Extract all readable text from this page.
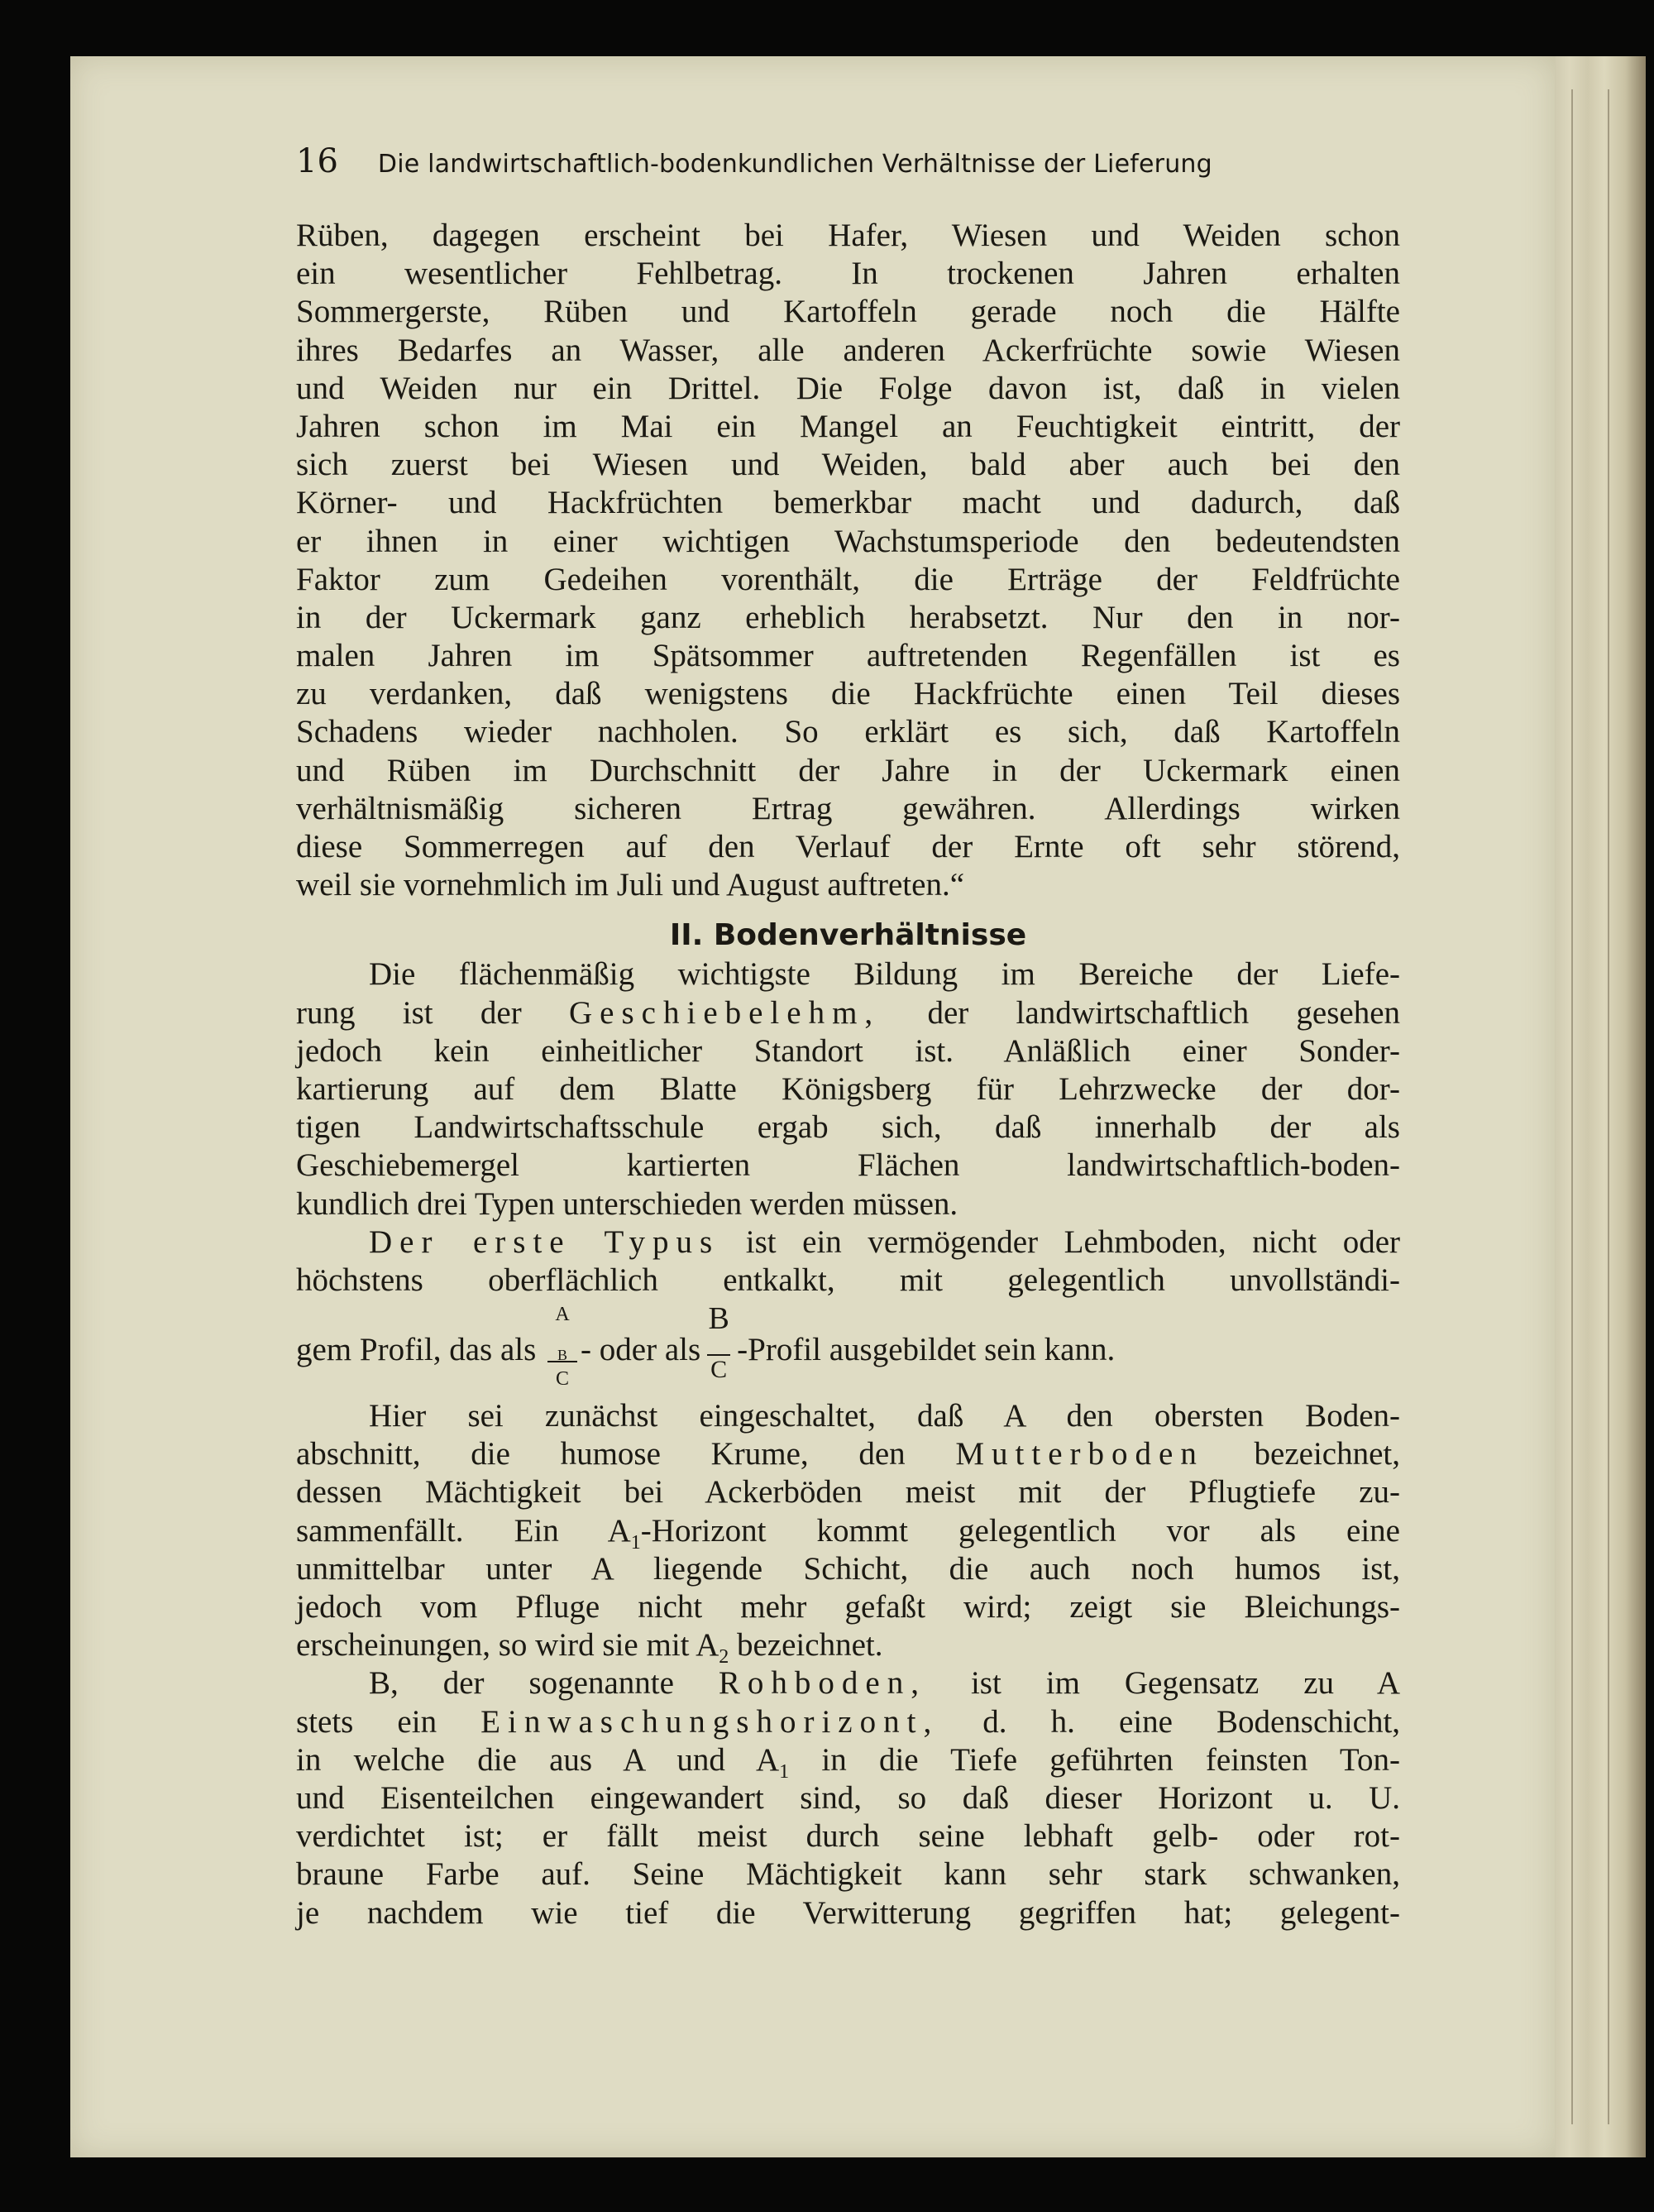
16 Die landwirtschaftlich-bodenkundlichen Verhältnisse der Lieferung
Rüben, dagegen erscheint bei Hafer, Wiesen und Weiden schon
ein wesentlicher Fehlbetrag. In trockenen Jahren erhalten
Sommergerste, Rüben und Kartoffeln gerade noch die Hälfte
ihres Bedarfes an Wasser, alle anderen Ackerfrüchte sowie Wiesen
und Weiden nur ein Drittel. Die Folge davon ist, daß in vielen
Jahren schon im Mai ein Mangel an Feuchtigkeit eintritt, der
sich zuerst bei Wiesen und Weiden, bald aber auch bei den
Körner- und Hackfrüchten bemerkbar macht und dadurch, daß
er ihnen in einer wichtigen Wachstumsperiode den bedeutendsten
Faktor zum Gedeihen vorenthält, die Erträge der Feldfrüchte
in der Uckermark ganz erheblich herabsetzt. Nur den in nor-
malen Jahren im Spätsommer auftretenden Regenfällen ist es
zu verdanken, daß wenigstens die Hackfrüchte einen Teil dieses
Schadens wieder nachholen. So erklärt es sich, daß Kartoffeln
und Rüben im Durchschnitt der Jahre in der Uckermark einen
verhältnismäßig sicheren Ertrag gewähren. Allerdings wirken
diese Sommerregen auf den Verlauf der Ernte oft sehr störend,
weil sie vornehmlich im Juli und August auftreten.“
II. Bodenverhältnisse
Die flächenmäßig wichtigste Bildung im Bereiche der Liefe-
rung ist der Geschiebelehm, der landwirtschaftlich gesehen
jedoch kein einheitlicher Standort ist. Anläßlich einer Sonder-
kartierung auf dem Blatte Königsberg für Lehrzwecke der dor-
tigen Landwirtschaftsschule ergab sich, daß innerhalb der als
Geschiebemergel kartierten Flächen landwirtschaftlich-boden-
kundlich drei Typen unterschieden werden müssen.
Der erste Typus ist ein vermögender Lehmboden, nicht oder
höchstens oberflächlich entkalkt, mit gelegentlich unvollständi-
gem Profil, das als
A
B
C
- oder als
B
C
-Profil ausgebildet sein kann.
Hier sei zunächst eingeschaltet, daß A den obersten Boden-
abschnitt, die humose Krume, den Mutterboden bezeichnet,
dessen Mächtigkeit bei Ackerböden meist mit der Pflugtiefe zu-
sammenfällt. Ein $A_1$-Horizont kommt gelegentlich vor als eine
unmittelbar unter A liegende Schicht, die auch noch humos ist,
jedoch vom Pfluge nicht mehr gefaßt wird; zeigt sie Bleichungs-
erscheinungen, so wird sie mit $A_2$ bezeichnet.
B, der sogenannte Rohboden, ist im Gegensatz zu A
stets ein Einwaschungshorizont, d. h. eine Bodenschicht,
in welche die aus A und $A_1$ in die Tiefe geführten feinsten Ton-
und Eisenteilchen eingewandert sind, so daß dieser Horizont u. U.
verdichtet ist; er fällt meist durch seine lebhaft gelb- oder rot-
braune Farbe auf. Seine Mächtigkeit kann sehr stark schwanken,
je nachdem wie tief die Verwitterung gegriffen hat; gelegent-
